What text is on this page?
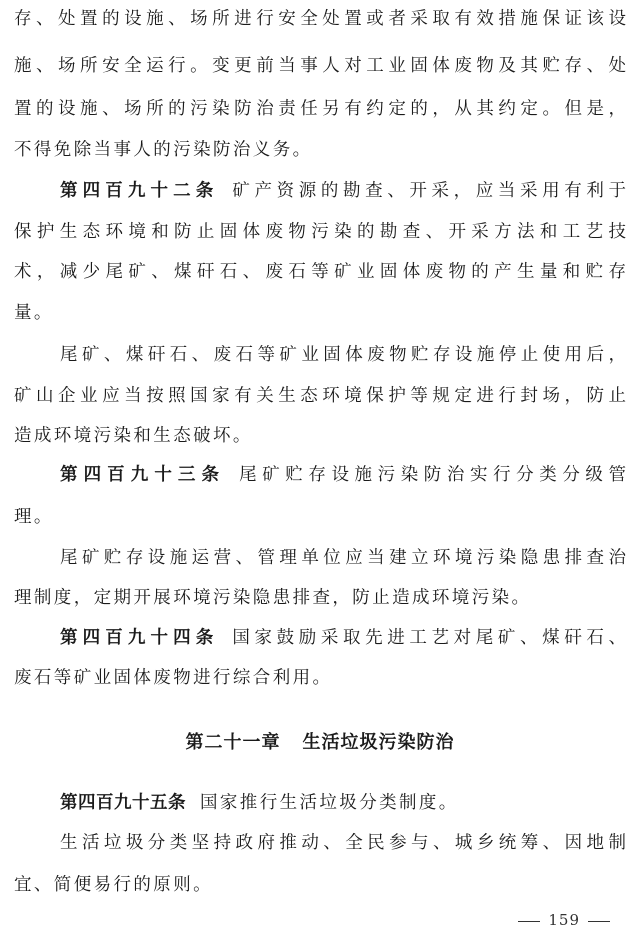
存、处置的设施、场所进行安全处置或者采取有效措施保证该设
施、场所安全运行。变更前当事人对工业固体废物及其贮存、处
置的设施、场所的污染防治责任另有约定的，从其约定。但是，
不得免除当事人的污染防治义务。
第四百九十二条 矿产资源的勘查、开采，应当采用有利于
保护生态环境和防止固体废物污染的勘查、开采方法和工艺技
术，减少尾矿、煤矸石、废石等矿业固体废物的产生量和贮存
量。
尾矿、煤矸石、废石等矿业固体废物贮存设施停止使用后，
矿山企业应当按照国家有关生态环境保护等规定进行封场，防止
造成环境污染和生态破坏。
第四百九十三条 尾矿贮存设施污染防治实行分类分级管
理。
尾矿贮存设施运营、管理单位应当建立环境污染隐患排查治
理制度，定期开展环境污染隐患排查，防止造成环境污染。
第四百九十四条 国家鼓励采取先进工艺对尾矿、煤矸石、
废石等矿业固体废物进行综合利用。
第二十一章 生活垃圾污染防治
第四百九十五条 国家推行生活垃圾分类制度。
生活垃圾分类坚持政府推动、全民参与、城乡统筹、因地制
宜、简便易行的原则。
159
